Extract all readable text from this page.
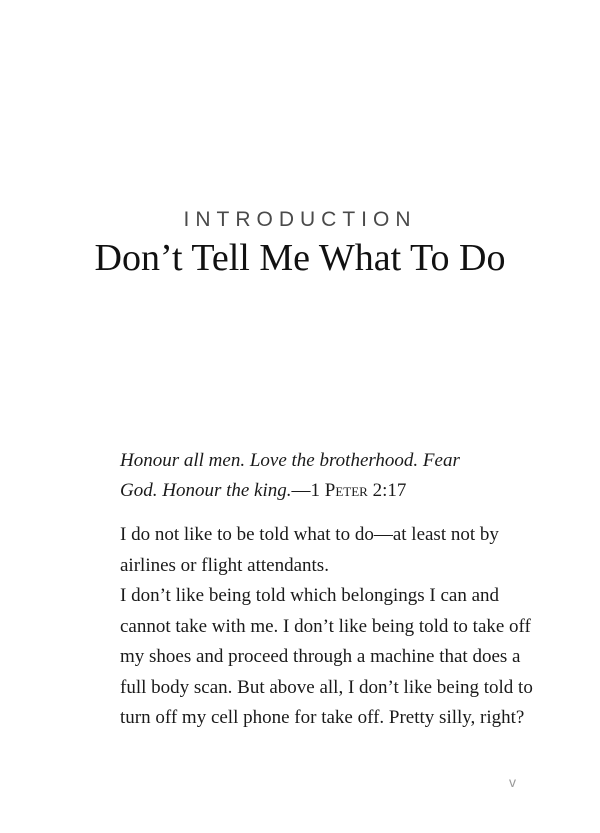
INTRODUCTION
Don’t Tell Me What To Do
Honour all men. Love the brotherhood. Fear
God. Honour the king.—1 Peter 2:17

I do not like to be told what to do—at least not by
airlines or flight attendants.

I don’t like being told which belongings I can and
cannot take with me. I don’t like being told to take off
my shoes and proceed through a machine that does a
full body scan. But above all, I don’t like being told to
turn off my cell phone for take off. Pretty silly, right?

v
